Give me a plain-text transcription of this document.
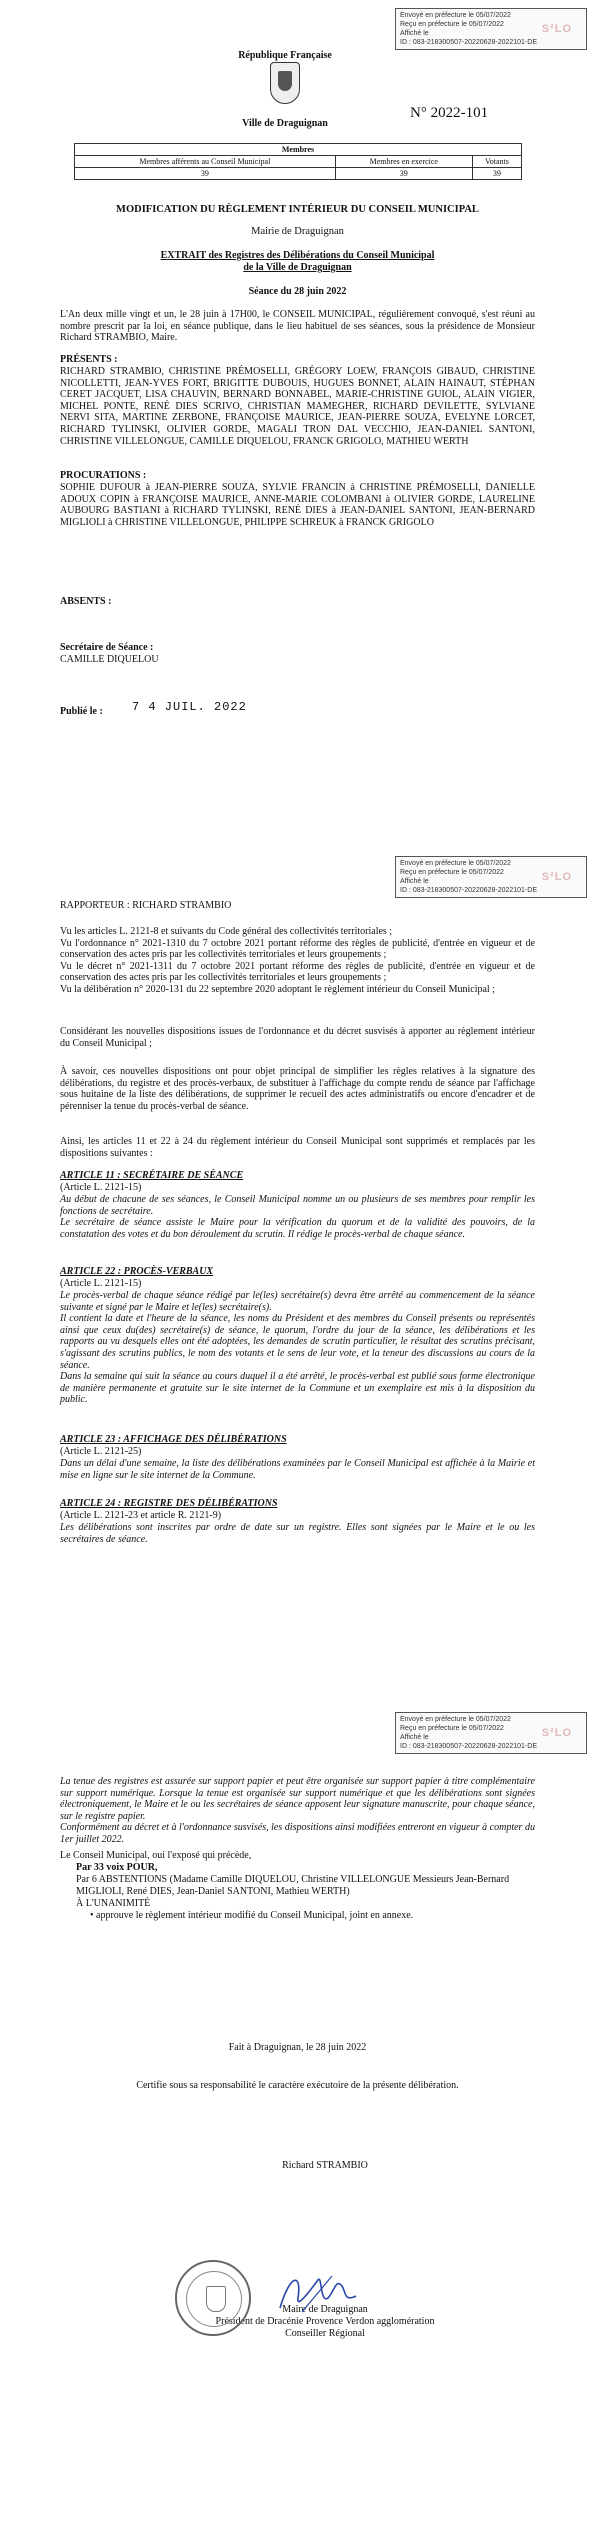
Envoyé en préfecture le 05/07/2022
Reçu en préfecture le 05/07/2022
Affiché le
ID : 083-218300507-20220628-2022101-DE
S²LO
République Française
Ville de Draguignan
N° 2022-101
Membres		
Membres afférents au Conseil Municipal	Membres en exercice	Votants
39	39	39
MODIFICATION DU RÈGLEMENT INTÉRIEUR DU CONSEIL MUNICIPAL
Mairie de Draguignan
EXTRAIT des Registres des Délibérations du Conseil Municipal
de la Ville de Draguignan
Séance du 28 juin 2022
L'An deux mille vingt et un, le 28 juin à 17H00, le CONSEIL MUNICIPAL, régulièrement convoqué, s'est réuni au nombre prescrit par la loi, en séance publique, dans le lieu habituel de ses séances, sous la présidence de Monsieur Richard STRAMBIO, Maire.
PRÉSENTS :
RICHARD STRAMBIO, CHRISTINE PRÉMOSELLI, GRÉGORY LOEW, FRANÇOIS GIBAUD, CHRISTINE NICOLLETTI, JEAN-YVES FORT, BRIGITTE DUBOUIS, HUGUES BONNET, ALAIN HAINAUT, STÉPHAN CERET JACQUET, LISA CHAUVIN, BERNARD BONNABEL, MARIE-CHRISTINE GUIOL, ALAIN VIGIER, MICHEL PONTE, RENÉ DIES SCRIVO, CHRISTIAN MAMEGHER, RICHARD DEVILETTE, SYLVIANE NERVI SITA, MARTINE ZERBONE, FRANÇOISE MAURICE, JEAN-PIERRE SOUZA, EVELYNE LORCET, RICHARD TYLINSKI, OLIVIER GORDE, MAGALI TRON DAL VECCHIO, JEAN-DANIEL SANTONI, CHRISTINE VILLELONGUE, CAMILLE DIQUELOU, FRANCK GRIGOLO, MATHIEU WERTH
PROCURATIONS :
SOPHIE DUFOUR à JEAN-PIERRE SOUZA, SYLVIE FRANCIN à CHRISTINE PRÉMOSELLI, DANIELLE ADOUX COPIN à FRANÇOISE MAURICE, ANNE-MARIE COLOMBANI à OLIVIER GORDE, LAURELINE AUBOURG BASTIANI à RICHARD TYLINSKI, RENÉ DIES à JEAN-DANIEL SANTONI, JEAN-BERNARD MIGLIOLI à CHRISTINE VILLELONGUE, PHILIPPE SCHREUK à FRANCK GRIGOLO
ABSENTS :
Secrétaire de Séance :
CAMILLE DIQUELOU
Publié le : 7 4 JUIL. 2022
Envoyé en préfecture le 05/07/2022
Reçu en préfecture le 05/07/2022
Affiché le
ID : 083-218300507-20220628-2022101-DE
S²LO
RAPPORTEUR : RICHARD STRAMBIO
Vu les articles L. 2121-8 et suivants du Code général des collectivités territoriales ;
Vu l'ordonnance n° 2021-1310 du 7 octobre 2021 portant réforme des règles de publicité, d'entrée en vigueur et de conservation des actes pris par les collectivités territoriales et leurs groupements ;
Vu le décret n° 2021-1311 du 7 octobre 2021 portant réforme des règles de publicité, d'entrée en vigueur et de conservation des actes pris par les collectivités territoriales et leurs groupements ;
Vu la délibération n° 2020-131 du 22 septembre 2020 adoptant le règlement intérieur du Conseil Municipal ;
Considérant les nouvelles dispositions issues de l'ordonnance et du décret susvisés à apporter au règlement intérieur du Conseil Municipal ;
À savoir, ces nouvelles dispositions ont pour objet principal de simplifier les règles relatives à la signature des délibérations, du registre et des procès-verbaux, de substituer à l'affichage du compte rendu de séance par l'affichage sous huitaine de la liste des délibérations, de supprimer le recueil des actes administratifs ou encore d'encadrer et de pérenniser la tenue du procès-verbal de séance.
Ainsi, les articles 11 et 22 à 24 du règlement intérieur du Conseil Municipal sont supprimés et remplacés par les dispositions suivantes :
ARTICLE 11 : SECRÉTAIRE DE SÉANCE
(Article L. 2121-15)
Au début de chacune de ses séances, le Conseil Municipal nomme un ou plusieurs de ses membres pour remplir les fonctions de secrétaire.
Le secrétaire de séance assiste le Maire pour la vérification du quorum et de la validité des pouvoirs, de la constatation des votes et du bon déroulement du scrutin. Il rédige le procès-verbal de chaque séance.
ARTICLE 22 : PROCÈS-VERBAUX
(Article L. 2121-15)
Le procès-verbal de chaque séance rédigé par le(les) secrétaire(s) devra être arrêté au commencement de la séance suivante et signé par le Maire et le(les) secrétaire(s).
Il contient la date et l'heure de la séance, les noms du Président et des membres du Conseil présents ou représentés ainsi que ceux du(des) secrétaire(s) de séance, le quorum, l'ordre du jour de la séance, les délibérations et les rapports au vu desquels elles ont été adoptées, les demandes de scrutin particulier, le résultat des scrutins précisant, s'agissant des scrutins publics, le nom des votants et le sens de leur vote, et la teneur des discussions au cours de la séance.
Dans la semaine qui suit la séance au cours duquel il a été arrêté, le procès-verbal est publié sous forme électronique de manière permanente et gratuite sur le site internet de la Commune et un exemplaire est mis à la disposition du public.
ARTICLE 23 : AFFICHAGE DES DÉLIBÉRATIONS
(Article L. 2121-25)
Dans un délai d'une semaine, la liste des délibérations examinées par le Conseil Municipal est affichée à la Mairie et mise en ligne sur le site internet de la Commune.
ARTICLE 24 : REGISTRE DES DÉLIBÉRATIONS
(Article L. 2121-23 et article R. 2121-9)
Les délibérations sont inscrites par ordre de date sur un registre. Elles sont signées par le Maire et le ou les secrétaires de séance.
Envoyé en préfecture le 05/07/2022
Reçu en préfecture le 05/07/2022
Affiché le
ID : 083-218300507-20220628-2022101-DE
S²LO
La tenue des registres est assurée sur support papier et peut être organisée sur support papier à titre complémentaire sur support numérique. Lorsque la tenue est organisée sur support numérique et que les délibérations sont signées électroniquement, le Maire et le ou les secrétaires de séance apposent leur signature manuscrite, pour chaque séance, sur le registre papier.
Conformément au décret et à l'ordonnance susvisés, les dispositions ainsi modifiées entreront en vigueur à compter du 1er juillet 2022.
Le Conseil Municipal, oui l'exposé qui précède,
Par 33 voix POUR,
Par 6 ABSTENTIONS (Madame Camille DIQUELOU, Christine VILLELONGUE Messieurs Jean-Bernard MIGLIOLI, René DIES, Jean-Daniel SANTONI, Mathieu WERTH)
À L'UNANIMITÉ
• approuve le règlement intérieur modifié du Conseil Municipal, joint en annexe.
Fait à Draguignan, le 28 juin 2022
Certifie sous sa responsabilité le caractère exécutoire de la présente délibération.
Richard STRAMBIO
Maire de Draguignan
Président de Dracénie Provence Verdon agglomération
Conseiller Régional
